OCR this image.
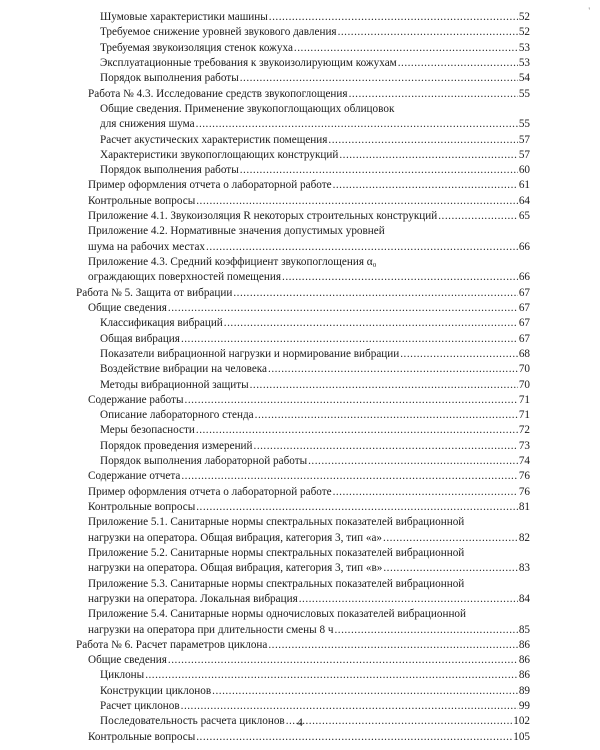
'
Шумовые характеристики машины .....	52
Требуемое снижение уровней звукового давления .....	52
Требуемая звукоизоляция стенок кожуха .....	53
Эксплуатационные требования к звукоизолирующим кожухам .....	53
Порядок выполнения работы .....	54
Работа № 4.3. Исследование средств звукопоглощения .....	55
Общие сведения. Применение звукопоглощающих облицовок
для снижения шума .....	55
Расчет акустических характеристик помещения .....	57
Характеристики звукопоглощающих конструкций .....	57
Порядок выполнения работы .....	60
Пример оформления отчета о лабораторной работе .....	61
Контрольные вопросы .....	64
Приложение 4.1. Звукоизоляция R некоторых строительных конструкций .....	65
Приложение 4.2. Нормативные значения допустимых уровней
шума на рабочих местах .....	66
Приложение 4.3. Средний коэффициент звукопоглощения α₀
ограждающих поверхностей помещения .....	66
Работа № 5. Защита от вибрации .....	67
Общие сведения .....	67
Классификация вибраций .....	67
Общая вибрация .....	67
Показатели вибрационной нагрузки и нормирование вибрации .....	68
Воздействие вибрации на человека .....	70
Методы вибрационной защиты .....	70
Содержание работы .....	71
Описание лабораторного стенда .....	71
Меры безопасности .....	72
Порядок проведения измерений .....	73
Порядок выполнения лабораторной работы .....	74
Содержание отчета .....	76
Пример оформления отчета о лабораторной работе .....	76
Контрольные вопросы .....	81
Приложение 5.1. Санитарные нормы спектральных показателей вибрационной
нагрузки на оператора. Общая вибрация, категория 3, тип «а» .....	82
Приложение 5.2. Санитарные нормы спектральных показателей вибрационной
нагрузки на оператора. Общая вибрация, категория 3, тип «в» .....	83
Приложение 5.3. Санитарные нормы спектральных показателей вибрационной
нагрузки на оператора. Локальная вибрация .....	84
Приложение 5.4. Санитарные нормы одночисловых показателей вибрационной
нагрузки на оператора при длительности смены 8 ч .....	85
Работа № 6. Расчет параметров циклона .....	86
Общие сведения .....	86
Циклоны .....	86
Конструкции циклонов .....	89
Расчет циклонов .....	99
Последовательность расчета циклонов .....	102
Контрольные вопросы .....	105
4
